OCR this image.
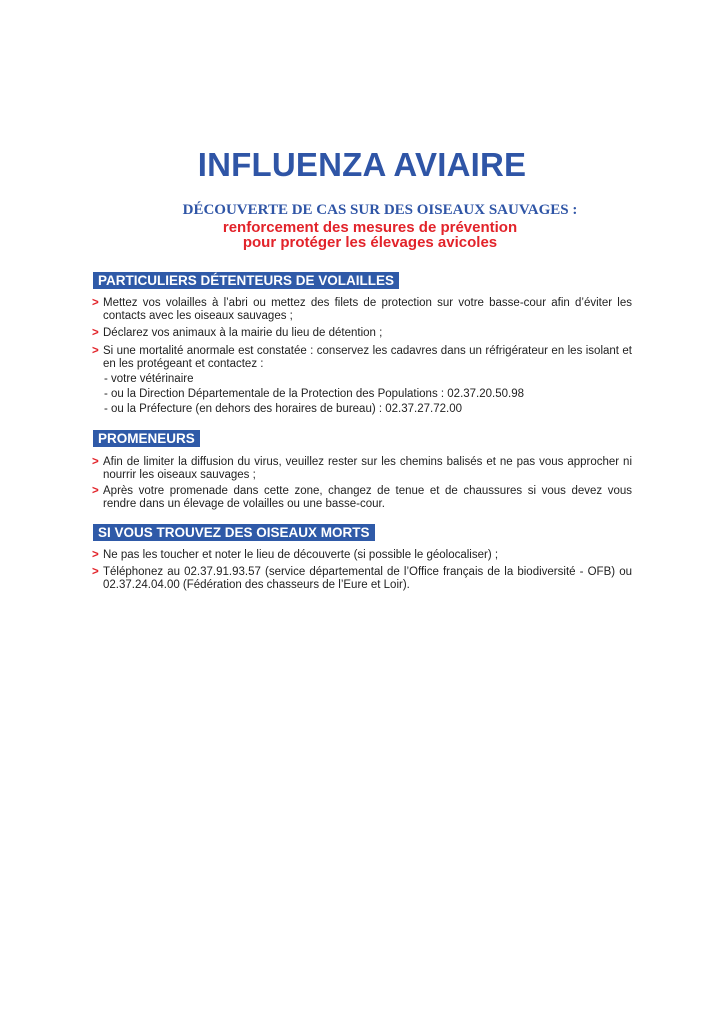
INFLUENZA AVIAIRE
DÉCOUVERTE DE CAS SUR DES OISEAUX SAUVAGES :
renforcement des mesures de prévention
pour protéger les élevages avicoles
PARTICULIERS DÉTENTEURS DE VOLAILLES
> Mettez vos volailles à l’abri ou mettez des filets de protection sur votre basse-cour afin d’éviter les contacts avec les oiseaux sauvages ;
> Déclarez vos animaux à la mairie du lieu de détention ;
> Si une mortalité anormale est constatée : conservez les cadavres dans un réfrigérateur en les isolant et en les protégeant et contactez :
- votre vétérinaire
- ou la Direction Départementale de la Protection des Populations : 02.37.20.50.98
- ou la Préfecture (en dehors des horaires de bureau) : 02.37.27.72.00
PROMENEURS
> Afin de limiter la diffusion du virus, veuillez rester sur les chemins balisés et ne pas vous approcher ni nourrir les oiseaux sauvages ;
> Après votre promenade dans cette zone, changez de tenue et de chaussures si vous devez vous rendre dans un élevage de volailles ou une basse-cour.
SI VOUS TROUVEZ DES OISEAUX MORTS
> Ne pas les toucher et noter le lieu de découverte (si possible le géolocaliser) ;
> Téléphonez au 02.37.91.93.57 (service départemental de l’Office français de la biodiversité - OFB) ou 02.37.24.04.00 (Fédération des chasseurs de l’Eure et Loir).
